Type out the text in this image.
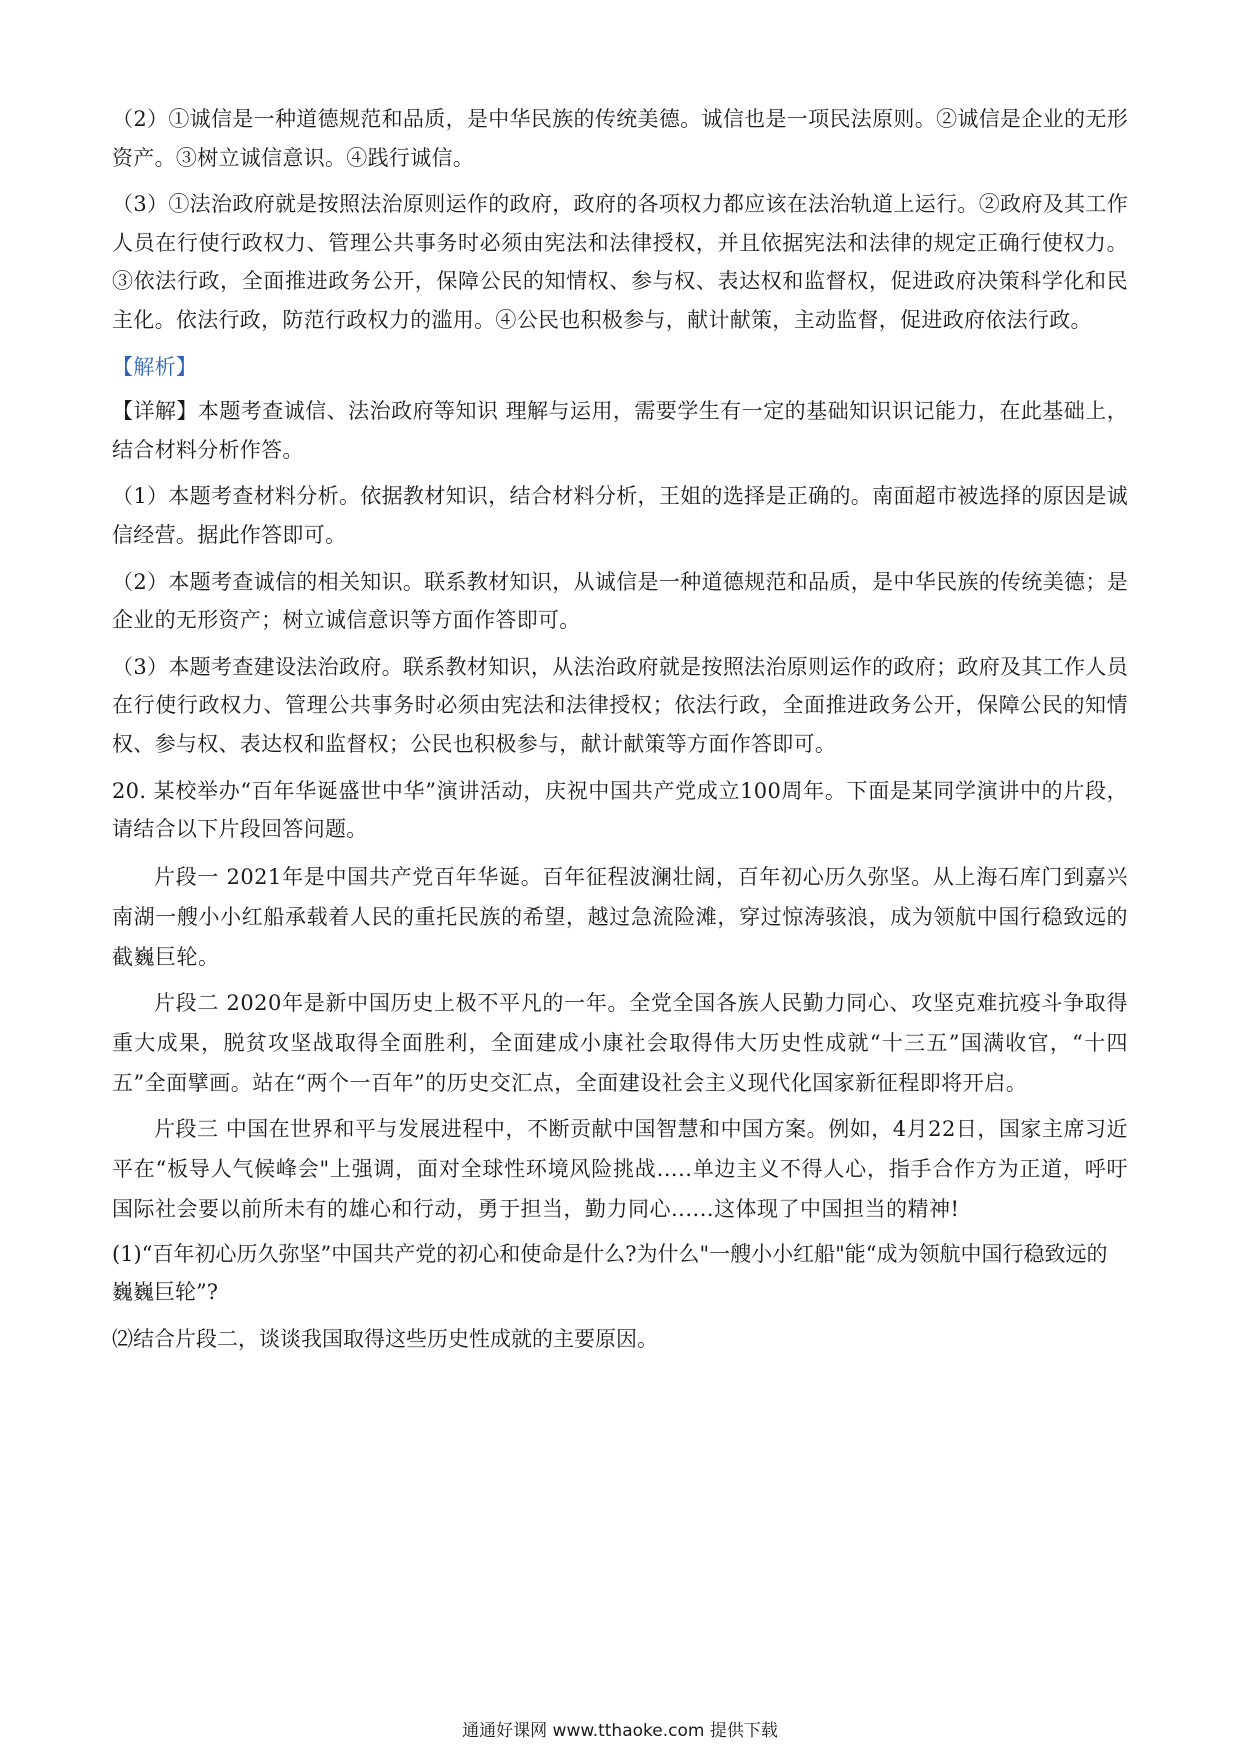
（2）①诚信是一种道德规范和品质，是中华民族的传统美德。诚信也是一项民法原则。②诚信是企业的无形资产。③树立诚信意识。④践行诚信。

（3）①法治政府就是按照法治原则运作的政府，政府的各项权力都应该在法治轨道上运行。②政府及其工作人员在行使行政权力、管理公共事务时必须由宪法和法律授权，并且依据宪法和法律的规定正确行使权力。③依法行政，全面推进政务公开，保障公民的知情权、参与权、表达权和监督权，促进政府决策科学化和民主化。依法行政，防范行政权力的滥用。④公民也积极参与，献计献策，主动监督，促进政府依法行政。

【解析】

【详解】本题考查诚信、法治政府等知识 理解与运用，需要学生有一定的基础知识识记能力，在此基础上，结合材料分析作答。

（1）本题考查材料分析。依据教材知识，结合材料分析，王姐的选择是正确的。南面超市被选择的原因是诚信经营。据此作答即可。

（2）本题考查诚信的相关知识。联系教材知识，从诚信是一种道德规范和品质，是中华民族的传统美德；是企业的无形资产；树立诚信意识等方面作答即可。

（3）本题考查建设法治政府。联系教材知识，从法治政府就是按照法治原则运作的政府；政府及其工作人员在行使行政权力、管理公共事务时必须由宪法和法律授权；依法行政，全面推进政务公开，保障公民的知情权、参与权、表达权和监督权；公民也积极参与，献计献策等方面作答即可。

20. 某校举办“百年华诞盛世中华”演讲活动，庆祝中国共产党成立100周年。下面是某同学演讲中的片段，请结合以下片段回答问题。

片段一 2021年是中国共产党百年华诞。百年征程波澜壮阔，百年初心历久弥坚。从上海石库门到嘉兴南湖一艘小小红船承载着人民的重托民族的希望，越过急流险滩，穿过惊涛骇浪，成为领航中国行稳致远的截巍巨轮。

片段二 2020年是新中国历史上极不平凡的一年。全党全国各族人民勤力同心、攻坚克难抗疫斗争取得重大成果，脱贫攻坚战取得全面胜利，全面建成小康社会取得伟大历史性成就“十三五”国满收官，“十四五”全面擘画。站在“两个一百年”的历史交汇点，全面建设社会主义现代化国家新征程即将开启。

片段三 中国在世界和平与发展进程中，不断贡献中国智慧和中国方案。例如，4月22日，国家主席习近平在“板导人气候峰会"上强调，面对全球性环境风险挑战.....单边主义不得人心，指手合作方为正道，呼吁国际社会要以前所未有的雄心和行动，勇于担当，勤力同心......这体现了中国担当的精神!

(1)“百年初心历久弥坚”中国共产党的初心和使命是什么?为什么"一艘小小红船"能“成为领航中国行稳致远的巍巍巨轮”?

⑵结合片段二，谈谈我国取得这些历史性成就的主要原因。

通通好课网 www.tthaoke.com 提供下载
